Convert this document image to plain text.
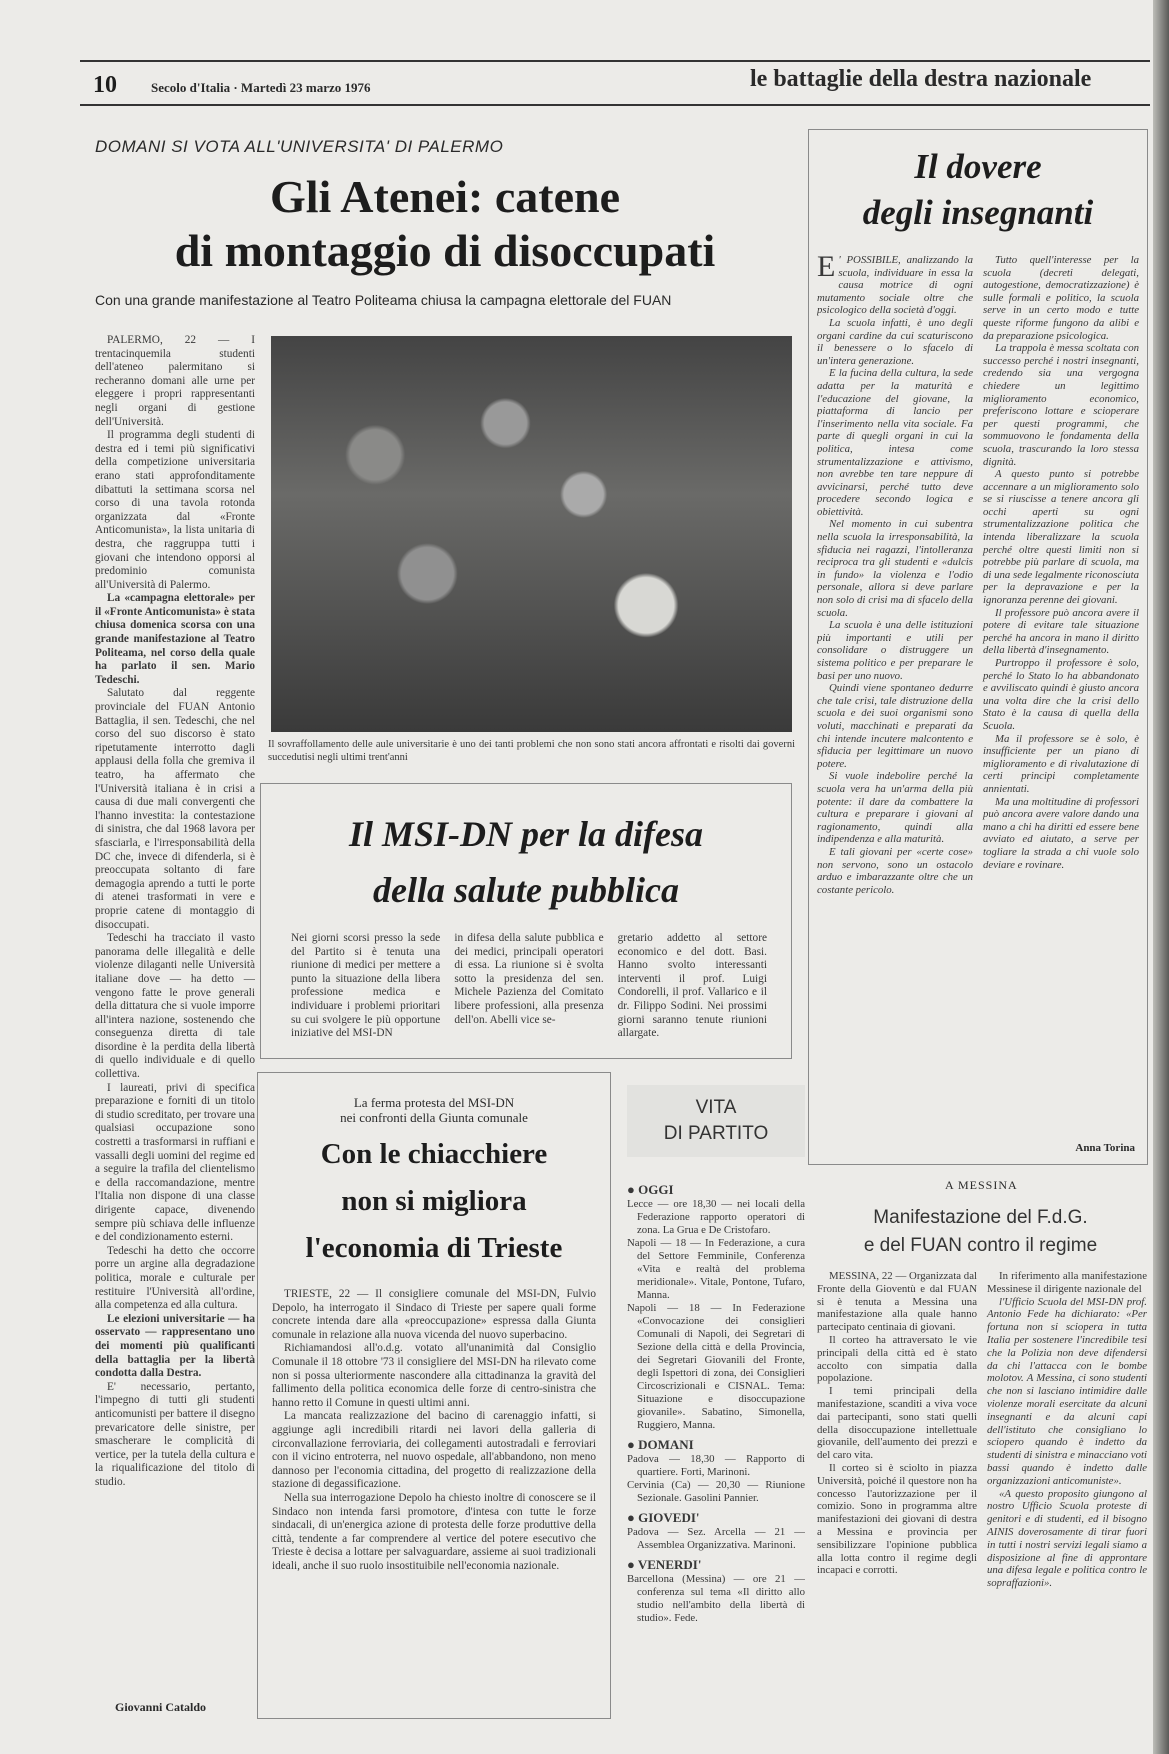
10	Secolo d'Italia · Martedì 23 marzo 1976	le battaglie della destra nazionale
DOMANI SI VOTA ALL'UNIVERSITA' DI PALERMO
Gli Atenei: catene
di montaggio di disoccupati
Con una grande manifestazione al Teatro Politeama chiusa la campagna elettorale del FUAN

PALERMO, 22 — I trentacinquemila studenti dell'ateneo palermitano si recheranno domani alle urne per eleggere i propri rappresentanti negli organi di gestione dell'Università.

Il programma degli studenti di destra ed i temi più significativi della competizione universitaria erano stati approfonditamente dibattuti la settimana scorsa nel corso di una tavola rotonda organizzata dal «Fronte Anticomunista», la lista unitaria di destra, che raggruppa tutti i giovani che intendono opporsi al predominio comunista all'Università di Palermo.

La «campagna elettorale» per il «Fronte Anticomunista» è stata chiusa domenica scorsa con una grande manifestazione al Teatro Politeama, nel corso della quale ha parlato il sen. Mario Tedeschi.

Salutato dal reggente provinciale del FUAN Antonio Battaglia, il sen. Tedeschi, che nel corso del suo discorso è stato ripetutamente interrotto dagli applausi della folla che gremiva il teatro, ha affermato che l'Università italiana è in crisi a causa di due mali convergenti che l'hanno investita: la contestazione di sinistra, che dal 1968 lavora per sfasciarla, e l'irresponsabilità della DC che, invece di difenderla, si è preoccupata soltanto di fare demagogia aprendo a tutti le porte di atenei trasformati in vere e proprie catene di montaggio di disoccupati.

Tedeschi ha tracciato il vasto panorama delle illegalità e delle violenze dilaganti nelle Università italiane dove — ha detto — vengono fatte le prove generali della dittatura che si vuole imporre all'intera nazione, sostenendo che conseguenza diretta di tale disordine è la perdita della libertà di quello individuale e di quello collettiva.

I laureati, privi di specifica preparazione e forniti di un titolo di studio screditato, per trovare una qualsiasi occupazione sono costretti a trasformarsi in ruffiani e vassalli degli uomini del regime ed a seguire la trafila del clientelismo e della raccomandazione, mentre l'Italia non dispone di una classe dirigente capace, divenendo sempre più schiava delle influenze e del condizionamento esterni.

Tedeschi ha detto che occorre porre un argine alla degradazione politica, morale e culturale per restituire l'Università all'ordine, alla competenza ed alla cultura.

Le elezioni universitarie — ha osservato — rappresentano uno dei momenti più qualificanti della battaglia per la libertà condotta dalla Destra.

E' necessario, pertanto, l'impegno di tutti gli studenti anticomunisti per battere il disegno prevaricatore delle sinistre, per smascherare le complicità di vertice, per la tutela della cultura e la riqualificazione del titolo di studio.

Giovanni Cataldo
Il sovraffollamento delle aule universitarie è uno dei tanti problemi che non sono stati ancora affrontati e risolti dai governi succedutisi negli ultimi trent'anni
Il MSI-DN per la difesa
della salute pubblica
Nei giorni scorsi presso la sede del Partito si è tenuta una riunione di medici per mettere a punto la situazione della libera professione medica e individuare i problemi prioritari su cui svolgere le più opportune iniziative del MSI-DN
in difesa della salute pubblica e dei medici, principali operatori di essa. La riunione si è svolta sotto la presidenza del sen. Michele Pazienza del Comitato libere professioni, alla presenza dell'on. Abelli vice se-
gretario addetto al settore economico e del dott. Basi. Hanno svolto interessanti interventi il prof. Luigi Condorelli, il prof. Vallarico e il dr. Filippo Sodini. Nei prossimi giorni saranno tenute riunioni allargate.
La ferma protesta del MSI-DN
nei confronti della Giunta comunale
Con le chiacchiere
non si migliora
l'economia di Trieste

TRIESTE, 22 — Il consigliere comunale del MSI-DN, Fulvio Depolo, ha interrogato il Sindaco di Trieste per sapere quali forme concrete intenda dare alla «preoccupazione» espressa dalla Giunta comunale in relazione alla nuova vicenda del nuovo superbacino.

Richiamandosi all'o.d.g. votato all'unanimità dal Consiglio Comunale il 18 ottobre '73 il consigliere del MSI-DN ha rilevato come non si possa ulteriormente nascondere alla cittadinanza la gravità del fallimento della politica economica delle forze di centro-sinistra che hanno retto il Comune in questi ultimi anni.

La mancata realizzazione del bacino di carenaggio infatti, si aggiunge agli incredibili ritardi nei lavori della galleria di circonvallazione ferroviaria, dei collegamenti autostradali e ferroviari con il vicino entroterra, nel nuovo ospedale, all'abbandono, non meno dannoso per l'economia cittadina, del progetto di realizzazione della stazione di degassificazione.

Nella sua interrogazione Depolo ha chiesto inoltre di conoscere se il Sindaco non intenda farsi promotore, d'intesa con tutte le forze sindacali, di un'energica azione di protesta delle forze produttive della città, tendente a far comprendere al vertice del potere esecutivo che Trieste è decisa a lottare per salvaguardare, assieme ai suoi tradizionali ideali, anche il suo ruolo insostituibile nell'economia nazionale.

VITA
DI PARTITO
● OGGI

Lecce — ore 18,30 — nei locali della Federazione rapporto operatori di zona. La Grua e De Cristofaro.

Napoli — 18 — In Federazione, a cura del Settore Femminile, Conferenza «Vita e realtà del problema meridionale». Vitale, Pontone, Tufaro, Manna.

Napoli — 18 — In Federazione «Convocazione dei consiglieri Comunali di Napoli, dei Segretari di Sezione della città e della Provincia, dei Segretari Giovanili del Fronte, degli Ispettori di zona, dei Consiglieri Circoscrizionali e CISNAL. Tema: Situazione e disoccupazione giovanile». Sabatino, Simonella, Ruggiero, Manna.

● DOMANI

Padova — 18,30 — Rapporto di quartiere. Forti, Marinoni.

Cervinia (Ca) — 20,30 — Riunione Sezionale. Gasolini Pannier.

● GIOVEDI'

Padova — Sez. Arcella — 21 — Assemblea Organizzativa. Marinoni.

● VENERDI'

Barcellona (Messina) — ore 21 — conferenza sul tema «Il diritto allo studio nell'ambito della libertà di studio». Fede.

Il dovere
degli insegnanti

E ' POSSIBILE, analizzando la scuola, individuare in essa la causa motrice di ogni mutamento sociale oltre che psicologico della società d'oggi.

La scuola infatti, è uno degli organi cardine da cui scaturiscono il benessere o lo sfacelo di un'intera generazione.

E la fucina della cultura, la sede adatta per la maturità e l'educazione del giovane, la piattaforma di lancio per l'inserimento nella vita sociale. Fa parte di quegli organi in cui la politica, intesa come strumentalizzazione e attivismo, non avrebbe ten tare neppure di avvicinarsi, perché tutto deve procedere secondo logica e obiettività.

Nel momento in cui subentra nella scuola la irresponsabilità, la sfiducia nei ragazzi, l'intolleranza reciproca tra gli studenti e «dulcis in fundo» la violenza e l'odio personale, allora si deve parlare non solo di crisi ma di sfacelo della scuola.

La scuola è una delle istituzioni più importanti e utili per consolidare o distruggere un sistema politico e per preparare le basi per uno nuovo.

Quindi viene spontaneo dedurre che tale crisi, tale distruzione della scuola e dei suoi organismi sono voluti, macchinati e preparati da chi intende incutere malcontento e sfiducia per legittimare un nuovo potere.

Si vuole indebolire perché la scuola vera ha un'arma della più potente: il dare da combattere la cultura e preparare i giovani al ragionamento, quindi alla indipendenza e alla maturità.

E tali giovani per «certe cose» non servono, sono un ostacolo arduo e imbarazzante oltre che un costante pericolo.

Tutto quell'interesse per la scuola (decreti delegati, autogestione, democratizzazione) è sulle formali e politico, la scuola serve in un certo modo e tutte queste riforme fungono da alibi e da preparazione psicologica.

La trappola è messa scoltata con successo perché i nostri insegnanti, credendo sia una vergogna chiedere un legittimo miglioramento economico, preferiscono lottare e scioperare per questi programmi, che sommuovono le fondamenta della scuola, trascurando la loro stessa dignità.

A questo punto si potrebbe accennare a un miglioramento solo se si riuscisse a tenere ancora gli occhi aperti su ogni strumentalizzazione politica che intenda liberalizzare la scuola perché oltre questi limiti non si potrebbe più parlare di scuola, ma di una sede legalmente riconosciuta per la depravazione e per la ignoranza perenne dei giovani.

Il professore può ancora avere il potere di evitare tale situazione perché ha ancora in mano il diritto della libertà d'insegnamento.

Purtroppo il professore è solo, perché lo Stato lo ha abbandonato e avviliscato quindi è giusto ancora una volta dire che la crisi dello Stato è la causa di quella della Scuola.

Ma il professore se è solo, è insufficiente per un piano di miglioramento e di rivalutazione di certi principi completamente annientati.

Ma una moltitudine di professori può ancora avere valore dando una mano a chi ha diritti ed essere bene avviato ed aiutato, a serve per togliare la strada a chi vuole solo deviare e rovinare.

Anna Torina
A MESSINA
Manifestazione del F.d.G.
e del FUAN contro il regime

MESSINA, 22 — Organizzata dal Fronte della Gioventù e dal FUAN si è tenuta a Messina una manifestazione alla quale hanno partecipato centinaia di giovani.

Il corteo ha attraversato le vie principali della città ed è stato accolto con simpatia dalla popolazione.

I temi principali della manifestazione, scanditi a viva voce dai partecipanti, sono stati quelli della disoccupazione intellettuale giovanile, dell'aumento dei prezzi e del caro vita.

Il corteo si è sciolto in piazza Università, poiché il questore non ha concesso l'autorizzazione per il comizio. Sono in programma altre manifestazioni dei giovani di destra a Messina e provincia per sensibilizzare l'opinione pubblica alla lotta contro il regime degli incapaci e corrotti.

In riferimento alla manifestazione Messinese il dirigente nazionale del

l'Ufficio Scuola del MSI-DN prof. Antonio Fede ha dichiarato: «Per fortuna non si sciopera in tutta Italia per sostenere l'incredibile tesi che la Polizia non deve difendersi da chi l'attacca con le bombe molotov. A Messina, ci sono studenti che non si lasciano intimidire dalle violenze morali esercitate da alcuni insegnanti e da alcuni capi dell'istituto che consigliano lo sciopero quando è indetto da studenti di sinistra e minacciano voti bassi quando è indetto dalle organizzazioni anticomuniste».

«A questo proposito giungono al nostro Ufficio Scuola proteste di genitori e di studenti, ed il bisogno AINIS doverosamente di tirar fuori in tutti i nostri servizi legali siamo a disposizione al fine di approntare una difesa legale e politica contro le sopraffazioni».
